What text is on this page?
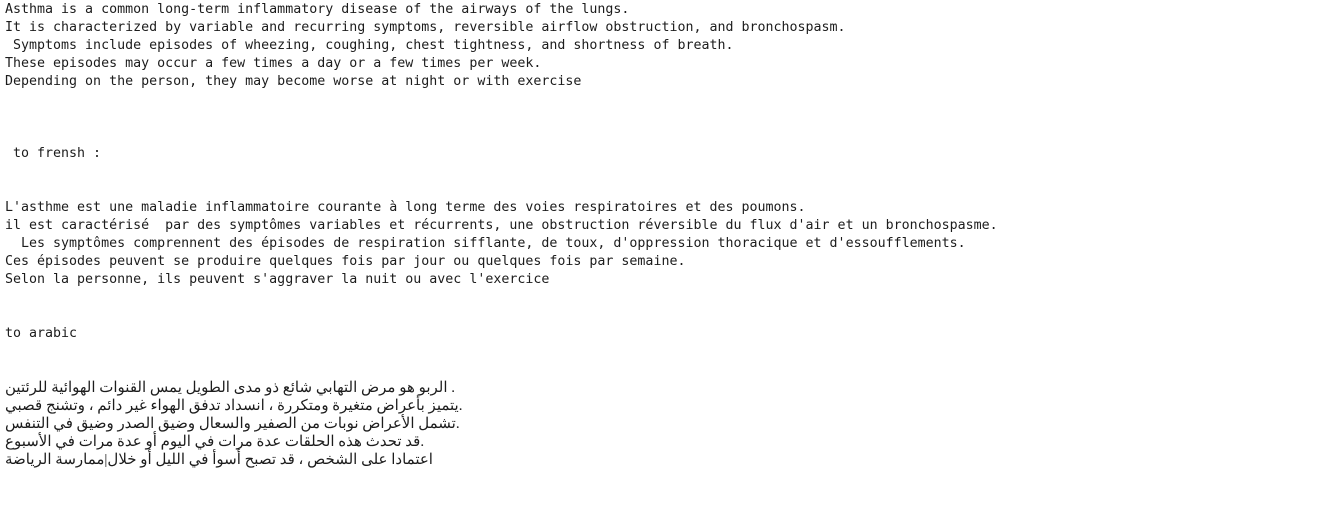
Asthma is a common long-term inflammatory disease of the airways of the lungs.
It is characterized by variable and recurring symptoms, reversible airflow obstruction, and bronchospasm.
Symptoms include episodes of wheezing, coughing, chest tightness, and shortness of breath.
These episodes may occur a few times a day or a few times per week.
Depending on the person, they may become worse at night or with exercise
to frensh :
L'asthme est une maladie inflammatoire courante à long terme des voies respiratoires et des poumons.
il est caractérisé  par des symptômes variables et récurrents, une obstruction réversible du flux d'air et un bronchospasme.
Les symptômes comprennent des épisodes de respiration sifflante, de toux, d'oppression thoracique et d'essoufflements.
Ces épisodes peuvent se produire quelques fois par jour ou quelques fois par semaine.
Selon la personne, ils peuvent s'aggraver la nuit ou avec l'exercice
to arabic
الربو هو مرض التهابي شائع ذو مدى الطويل يمس القنوات الهوائية للرئتين .
يتميز بأعراض متغيرة ومتكررة ، انسداد تدفق الهواء غير دائم ، وتشنج قصبي.
تشمل الأعراض نوبات من الصفير والسعال وضيق الصدر وضيق في التنفس.
قد تحدث هذه الحلقات عدة مرات في اليوم أو عدة مرات في الأسبوع.
اعتمادا على الشخص ، قد تصبح أسوأ في الليل أو خلال|ممارسة الرياضة
